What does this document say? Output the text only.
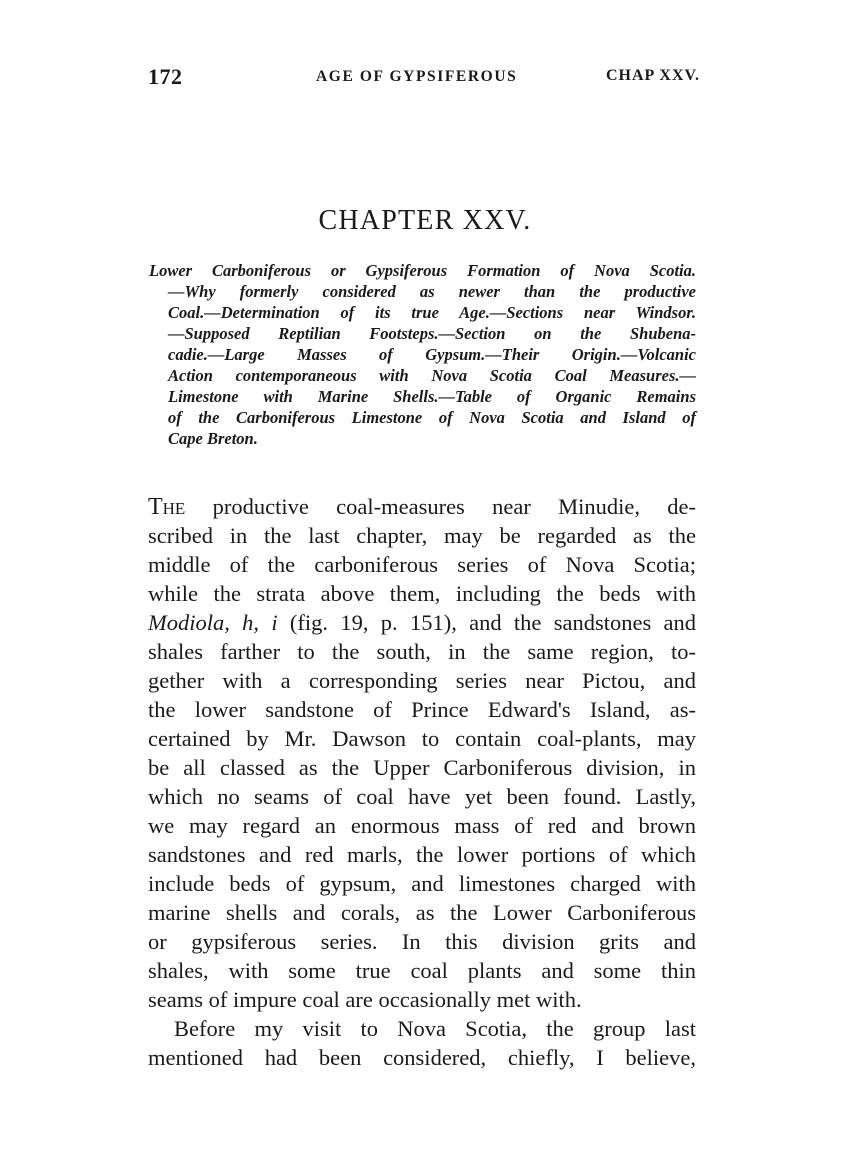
172	AGE OF GYPSIFEROUS	CHAP XXV.
CHAPTER XXV.
Lower Carboniferous or Gypsiferous Formation of Nova Scotia.
—Why formerly considered as newer than the productive
Coal.—Determination of its true Age.—Sections near Windsor.
—Supposed Reptilian Footsteps.—Section on the Shubena-
cadie.—Large Masses of Gypsum.—Their Origin.—Volcanic
Action contemporaneous with Nova Scotia Coal Measures.—
Limestone with Marine Shells.—Table of Organic Remains
of the Carboniferous Limestone of Nova Scotia and Island of
Cape Breton.
The productive coal-measures near Minudie, de-
scribed in the last chapter, may be regarded as the
middle of the carboniferous series of Nova Scotia;
while the strata above them, including the beds with
Modiola, h, i (fig. 19, p. 151), and the sandstones and
shales farther to the south, in the same region, to-
gether with a corresponding series near Pictou, and
the lower sandstone of Prince Edward's Island, as-
certained by Mr. Dawson to contain coal-plants, may
be all classed as the Upper Carboniferous division, in
which no seams of coal have yet been found. Lastly,
we may regard an enormous mass of red and brown
sandstones and red marls, the lower portions of which
include beds of gypsum, and limestones charged with
marine shells and corals, as the Lower Carboniferous
or gypsiferous series. In this division grits and
shales, with some true coal plants and some thin
seams of impure coal are occasionally met with.
Before my visit to Nova Scotia, the group last
mentioned had been considered, chiefly, I believe,
